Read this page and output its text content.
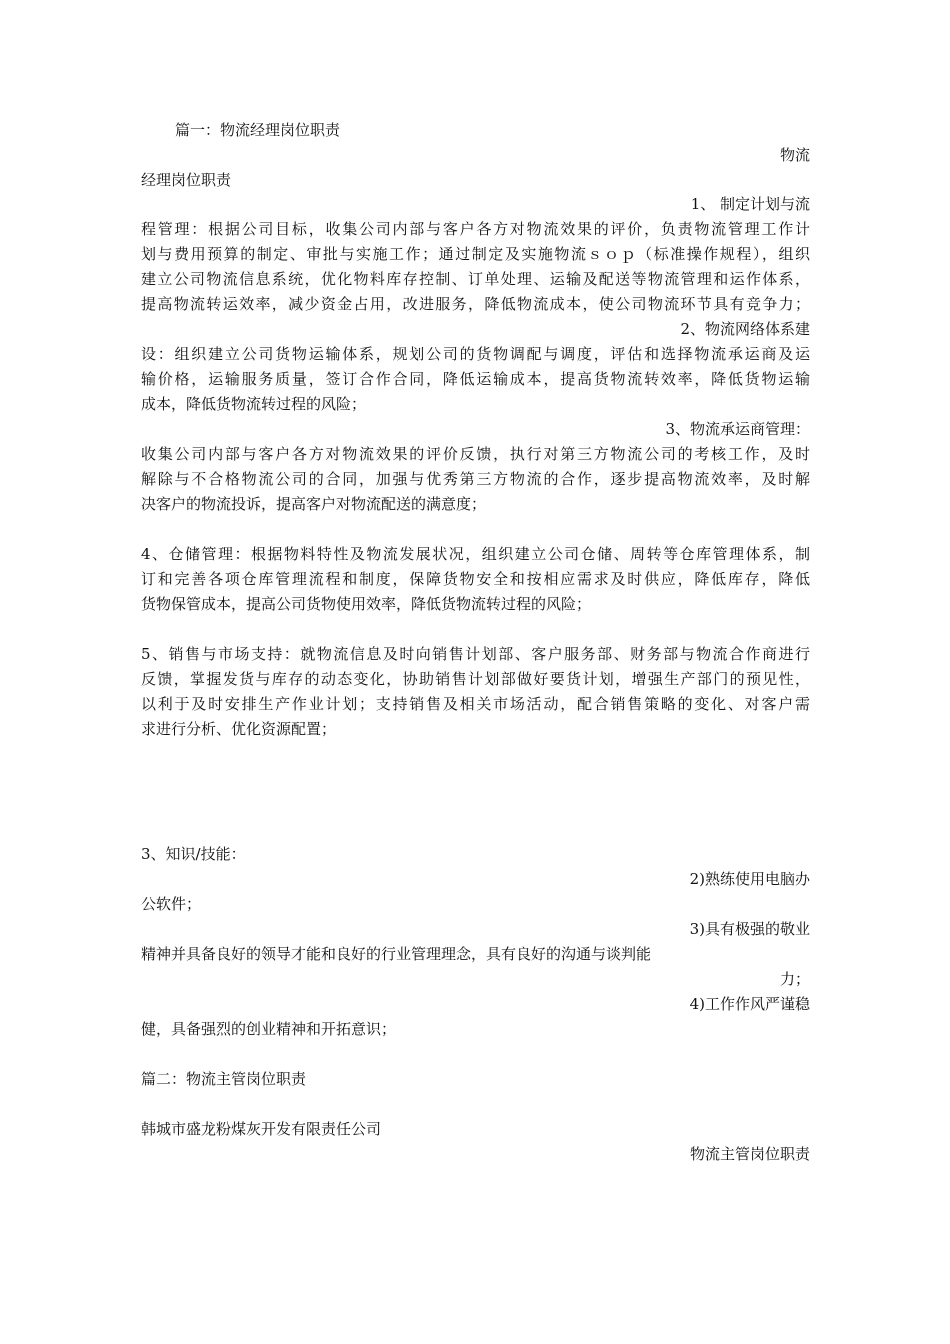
篇一：物流经理岗位职责
物流
经理岗位职责
1、 制定计划与流
程管理：根据公司目标，收集公司内部与客户各方对物流效果的评价，负责物流管理工作计
划与费用预算的制定、审批与实施工作；通过制定及实施物流ｓｏｐ（标准操作规程），组织
建立公司物流信息系统，优化物料库存控制、订单处理、运输及配送等物流管理和运作体系，
提高物流转运效率，减少资金占用，改进服务，降低物流成本，使公司物流环节具有竞争力；
2、物流网络体系建
设：组织建立公司货物运输体系，规划公司的货物调配与调度，评估和选择物流承运商及运
输价格，运输服务质量，签订合作合同，降低运输成本，提高货物流转效率，降低货物运输
成本，降低货物流转过程的风险；
3、物流承运商管理：
收集公司内部与客户各方对物流效果的评价反馈，执行对第三方物流公司的考核工作，及时
解除与不合格物流公司的合同，加强与优秀第三方物流的合作，逐步提高物流效率，及时解
决客户的物流投诉，提高客户对物流配送的满意度；
4、仓储管理：根据物料特性及物流发展状况，组织建立公司仓储、周转等仓库管理体系，制
订和完善各项仓库管理流程和制度，保障货物安全和按相应需求及时供应，降低库存，降低
货物保管成本，提高公司货物使用效率，降低货物流转过程的风险；
5、销售与市场支持：就物流信息及时向销售计划部、客户服务部、财务部与物流合作商进行
反馈，掌握发货与库存的动态变化，协助销售计划部做好要货计划，增强生产部门的预见性，
以利于及时安排生产作业计划；支持销售及相关市场活动，配合销售策略的变化、对客户需
求进行分析、优化资源配置；
3、知识/技能：
2)熟练使用电脑办
公软件；
3)具有极强的敬业
精神并具备良好的领导才能和良好的行业管理理念，具有良好的沟通与谈判能
力；
4)工作作风严谨稳
健，具备强烈的创业精神和开拓意识；
篇二：物流主管岗位职责
韩城市盛龙粉煤灰开发有限责任公司
物流主管岗位职责
